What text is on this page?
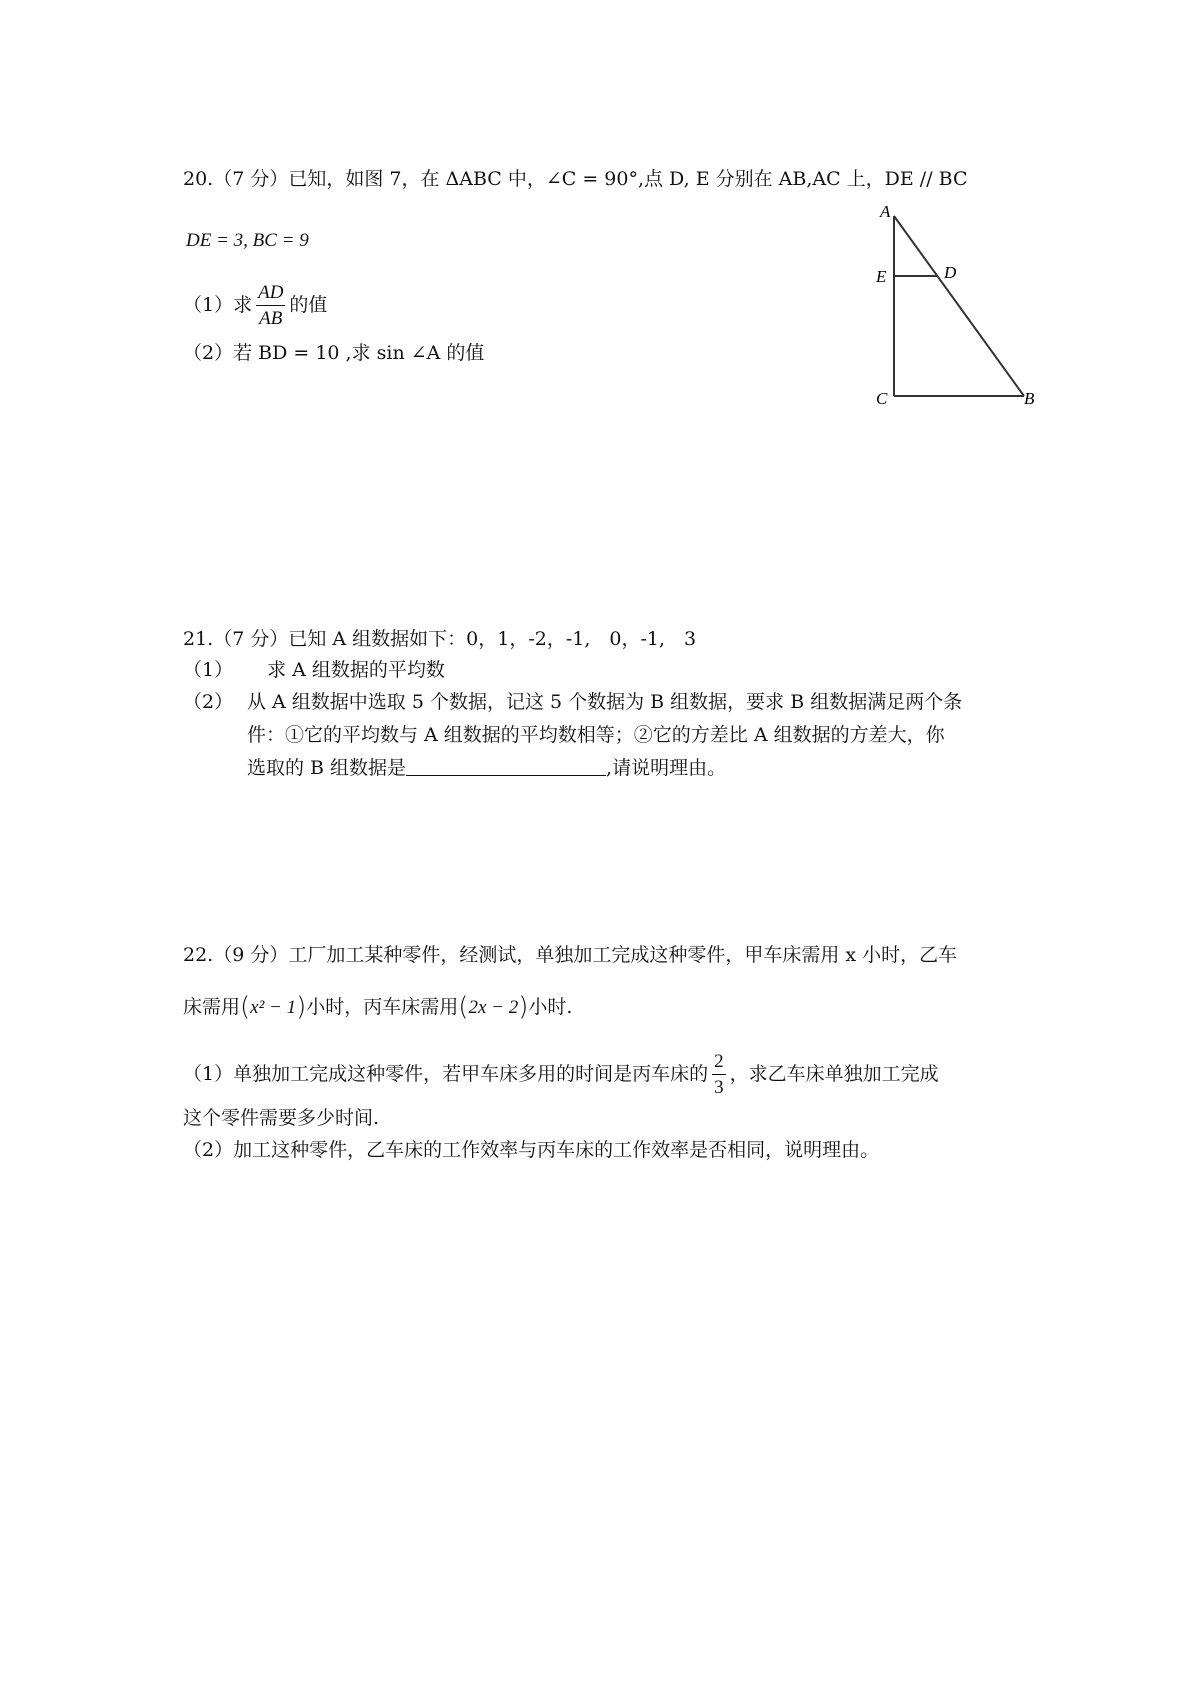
20.（7 分）已知，如图 7，在 ΔABC 中，∠C = 90°,点 D, E 分别在 AB,AC 上，DE // BC
DE = 3, BC = 9
（1）求 $\frac{AD}{AB}$ 的值
（2）若 BD = 10 ,求 sin ∠A 的值
A
E	D
C	B
21.（7 分）已知 A 组数据如下：0，1，-2，-1,　0，-1,　3
（1） 求 A 组数据的平均数
（2） 从 A 组数据中选取 5 个数据，记这 5 个数据为 B 组数据，要求 B 组数据满足两个条
件：①它的平均数与 A 组数据的平均数相等；②它的方差比 A 组数据的方差大，你
选取的 B 组数据是	,请说明理由。
22.（9 分）工厂加工某种零件，经测试，单独加工完成这种零件，甲车床需用 x 小时，乙车
床需用(x² − 1)小时，丙车床需用(2x − 2)小时.
（1）单独加工完成这种零件，若甲车床多用的时间是丙车床的 $\frac{2}{3}$ ，求乙车床单独加工完成
这个零件需要多少时间.
（2）加工这种零件，乙车床的工作效率与丙车床的工作效率是否相同，说明理由。
